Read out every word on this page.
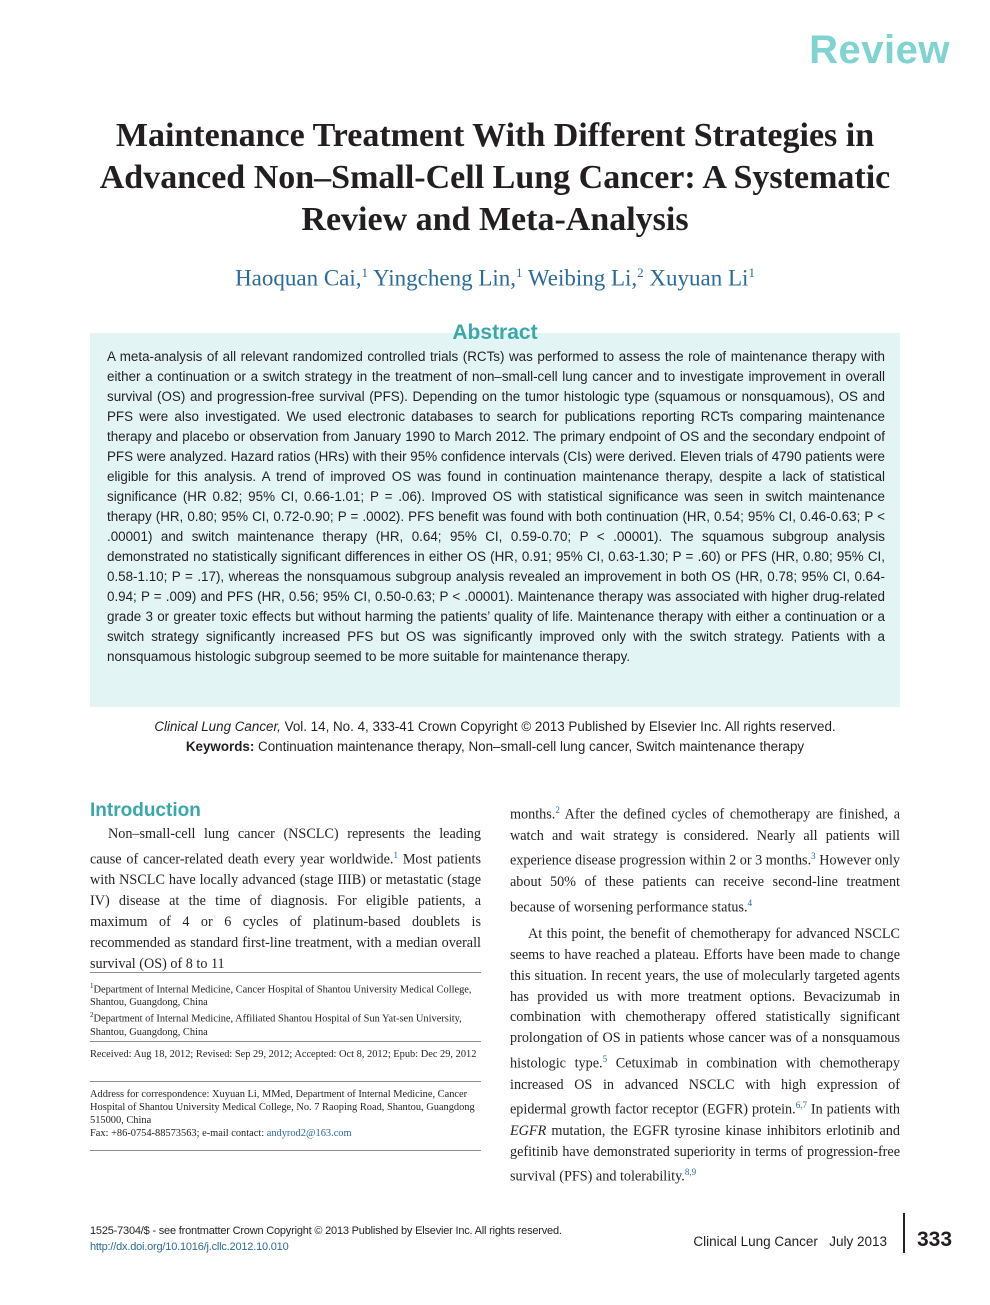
Review
Maintenance Treatment With Different Strategies in Advanced Non–Small-Cell Lung Cancer: A Systematic Review and Meta-Analysis
Haoquan Cai,$^1$ Yingcheng Lin,$^1$ Weibing Li,$^2$ Xuyuan Li$^1$
Abstract

A meta-analysis of all relevant randomized controlled trials (RCTs) was performed to assess the role of maintenance therapy with either a continuation or a switch strategy in the treatment of non–small-cell lung cancer and to investigate improvement in overall survival (OS) and progression-free survival (PFS). Depending on the tumor histologic type (squamous or nonsquamous), OS and PFS were also investigated. We used electronic databases to search for publications reporting RCTs comparing maintenance therapy and placebo or observation from January 1990 to March 2012. The primary endpoint of OS and the secondary endpoint of PFS were analyzed. Hazard ratios (HRs) with their 95% confidence intervals (CIs) were derived. Eleven trials of 4790 patients were eligible for this analysis. A trend of improved OS was found in continuation maintenance therapy, despite a lack of statistical significance (HR 0.82; 95% CI, 0.66-1.01; P = .06). Improved OS with statistical significance was seen in switch maintenance therapy (HR, 0.80; 95% CI, 0.72-0.90; P = .0002). PFS benefit was found with both continuation (HR, 0.54; 95% CI, 0.46-0.63; P < .00001) and switch maintenance therapy (HR, 0.64; 95% CI, 0.59-0.70; P < .00001). The squamous subgroup analysis demonstrated no statistically significant differences in either OS (HR, 0.91; 95% CI, 0.63-1.30; P = .60) or PFS (HR, 0.80; 95% CI, 0.58-1.10; P = .17), whereas the nonsquamous subgroup analysis revealed an improvement in both OS (HR, 0.78; 95% CI, 0.64-0.94; P = .009) and PFS (HR, 0.56; 95% CI, 0.50-0.63; P < .00001). Maintenance therapy was associated with higher drug-related grade 3 or greater toxic effects but without harming the patients’ quality of life. Maintenance therapy with either a continuation or a switch strategy significantly increased PFS but OS was significantly improved only with the switch strategy. Patients with a nonsquamous histologic subgroup seemed to be more suitable for maintenance therapy.

Clinical Lung Cancer, Vol. 14, No. 4, 333-41 Crown Copyright © 2013 Published by Elsevier Inc. All rights reserved.
Keywords: Continuation maintenance therapy, Non–small-cell lung cancer, Switch maintenance therapy
Introduction

Non–small-cell lung cancer (NSCLC) represents the leading cause of cancer-related death every year worldwide.$^1$ Most patients with NSCLC have locally advanced (stage IIIB) or metastatic (stage IV) disease at the time of diagnosis. For eligible patients, a maximum of 4 or 6 cycles of platinum-based doublets is recommended as standard first-line treatment, with a median overall survival (OS) of 8 to 11

months.$^2$ After the defined cycles of chemotherapy are finished, a watch and wait strategy is considered. Nearly all patients will experience disease progression within 2 or 3 months.$^3$ However only about 50% of these patients can receive second-line treatment because of worsening performance status.$^4$

At this point, the benefit of chemotherapy for advanced NSCLC seems to have reached a plateau. Efforts have been made to change this situation. In recent years, the use of molecularly targeted agents has provided us with more treatment options. Bevacizumab in combination with chemotherapy offered statistically significant prolongation of OS in patients whose cancer was of a nonsquamous histologic type.$^5$ Cetuximab in combination with chemotherapy increased OS in advanced NSCLC with high expression of epidermal growth factor receptor (EGFR) protein.$^{6,7}$ In patients with EGFR mutation, the EGFR tyrosine kinase inhibitors erlotinib and gefitinib have demonstrated superiority in terms of progression-free survival (PFS) and tolerability.$^{8,9}$

$^1$Department of Internal Medicine, Cancer Hospital of Shantou University Medical College, Shantou, Guangdong, China
$^2$Department of Internal Medicine, Affiliated Shantou Hospital of Sun Yat-sen University, Shantou, Guangdong, China
Received: Aug 18, 2012; Revised: Sep 29, 2012; Accepted: Oct 8, 2012; Epub: Dec 29, 2012
Address for correspondence: Xuyuan Li, MMed, Department of Internal Medicine, Cancer Hospital of Shantou University Medical College, No. 7 Raoping Road, Shantou, Guangdong 515000, China
Fax: +86-0754-88573563; e-mail contact: andyrod2@163.com
1525-7304/$ - see frontmatter Crown Copyright © 2013 Published by Elsevier Inc. All rights reserved.
http://dx.doi.org/10.1016/j.cllc.2012.10.010	Clinical Lung Cancer July 2013 333
